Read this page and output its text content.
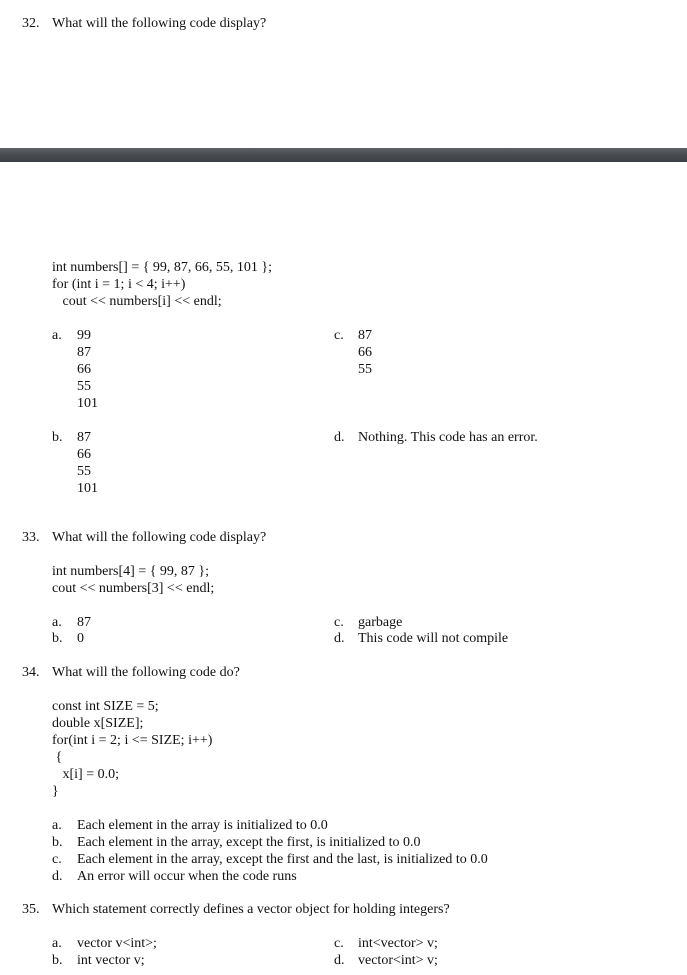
32. What will the following code display?
int numbers[] = { 99, 87, 66, 55, 101 };
for (int i = 1; i < 4; i++)
cout << numbers[i] << endl;
a.	99
87
66
55
101
c.	87
66
55
b.	87
66
55
101
d. Nothing. This code has an error.
33. What will the following code display?
int numbers[4] = { 99, 87 };
cout << numbers[3] << endl;
a.	87
b.	0
c.	garbage
d. This code will not compile
34. What will the following code do?
const int SIZE = 5;
double x[SIZE];
for(int i = 2; i <= SIZE; i++)
{
x[i] = 0.0;
}
a.	Each element in the array is initialized to 0.0
b.	Each element in the array, except the first, is initialized to 0.0
c.	Each element in the array, except the first and the last, is initialized to 0.0
d.	An error will occur when the code runs
35. Which statement correctly defines a vector object for holding integers?
a.	vector v<int>;
b.	int vector v;
c.	int<vector> v;
d. vector<int> v;
